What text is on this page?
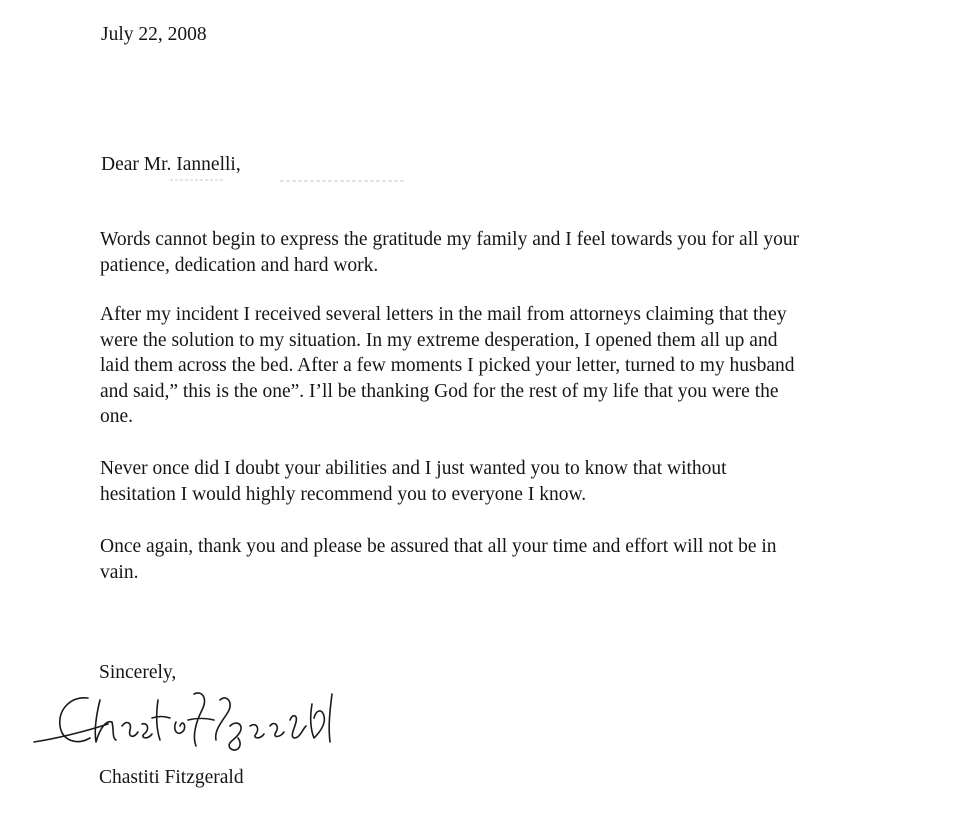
July 22, 2008
Dear Mr. Iannelli,
Words cannot begin to express the gratitude my family and I feel towards you for all your
patience, dedication and hard work.
After my incident I received several letters in the mail from attorneys claiming that they
were the solution to my situation. In my extreme desperation, I opened them all up and
laid them across the bed. After a few moments I picked your letter, turned to my husband
and said,” this is the one”. I’ll be thanking God for the rest of my life that you were the
one.
Never once did I doubt your abilities and I just wanted you to know that without
hesitation I would highly recommend you to everyone I know.
Once again, thank you and please be assured that all your time and effort will not be in
vain.
Sincerely,
Chastiti Fitzgerald
